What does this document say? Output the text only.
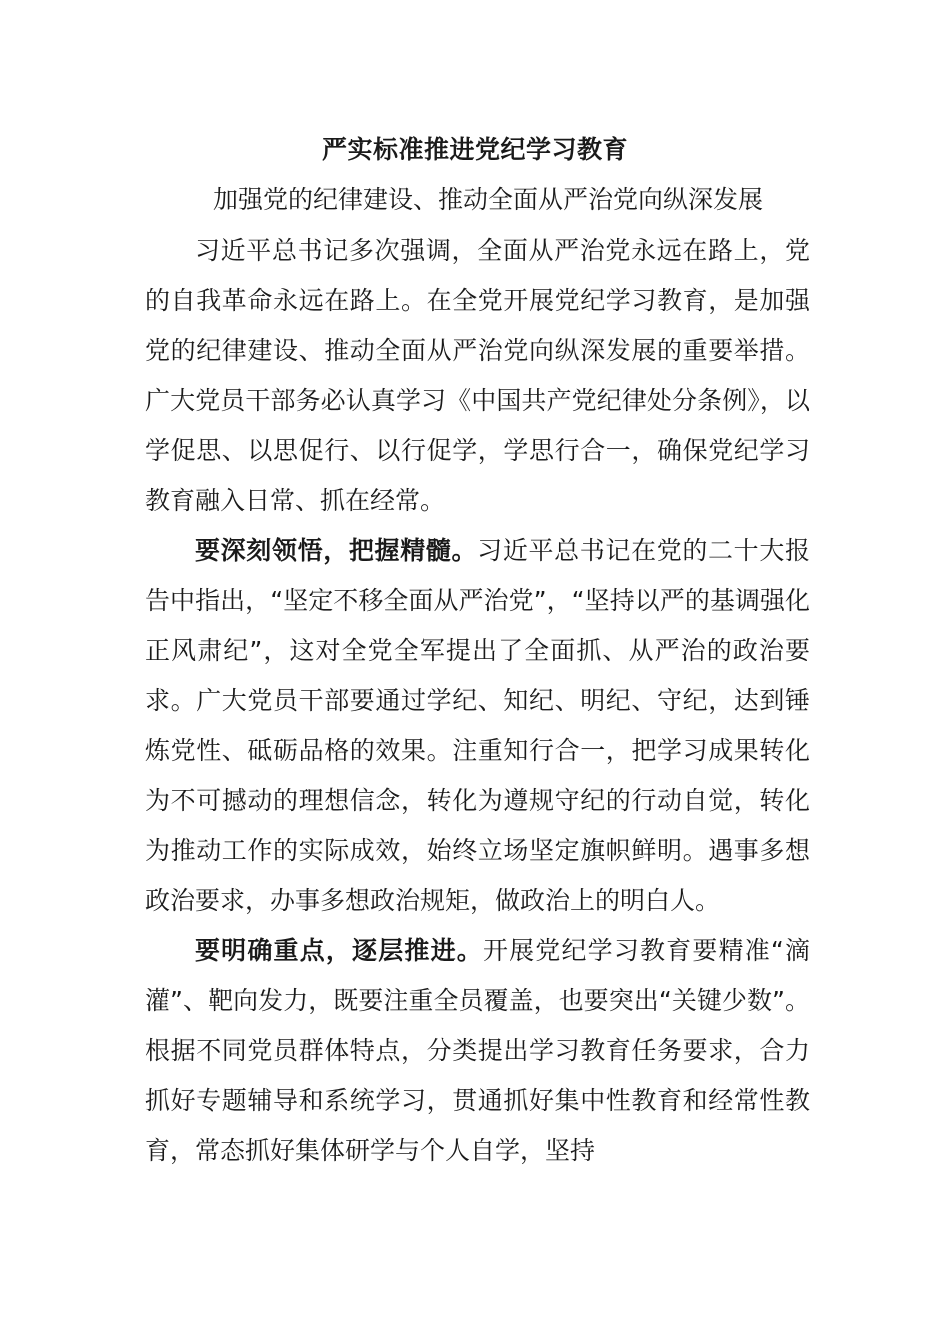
严实标准推进党纪学习教育
加强党的纪律建设、推动全面从严治党向纵深发展

习近平总书记多次强调，全面从严治党永远在路上，党的自我革命永远在路上。在全党开展党纪学习教育，是加强党的纪律建设、推动全面从严治党向纵深发展的重要举措。广大党员干部务必认真学习《中国共产党纪律处分条例》，以学促思、以思促行、以行促学，学思行合一，确保党纪学习教育融入日常、抓在经常。

要深刻领悟，把握精髓。习近平总书记在党的二十大报告中指出，“坚定不移全面从严治党”，“坚持以严的基调强化正风肃纪”，这对全党全军提出了全面抓、从严治的政治要求。广大党员干部要通过学纪、知纪、明纪、守纪，达到锤炼党性、砥砺品格的效果。注重知行合一，把学习成果转化为不可撼动的理想信念，转化为遵规守纪的行动自觉，转化为推动工作的实际成效，始终立场坚定旗帜鲜明。遇事多想政治要求，办事多想政治规矩，做政治上的明白人。

要明确重点，逐层推进。开展党纪学习教育要精准“滴灌”、靶向发力，既要注重全员覆盖，也要突出“关键少数”。根据不同党员群体特点，分类提出学习教育任务要求，合力抓好专题辅导和系统学习，贯通抓好集中性教育和经常性教育，常态抓好集体研学与个人自学，坚持
